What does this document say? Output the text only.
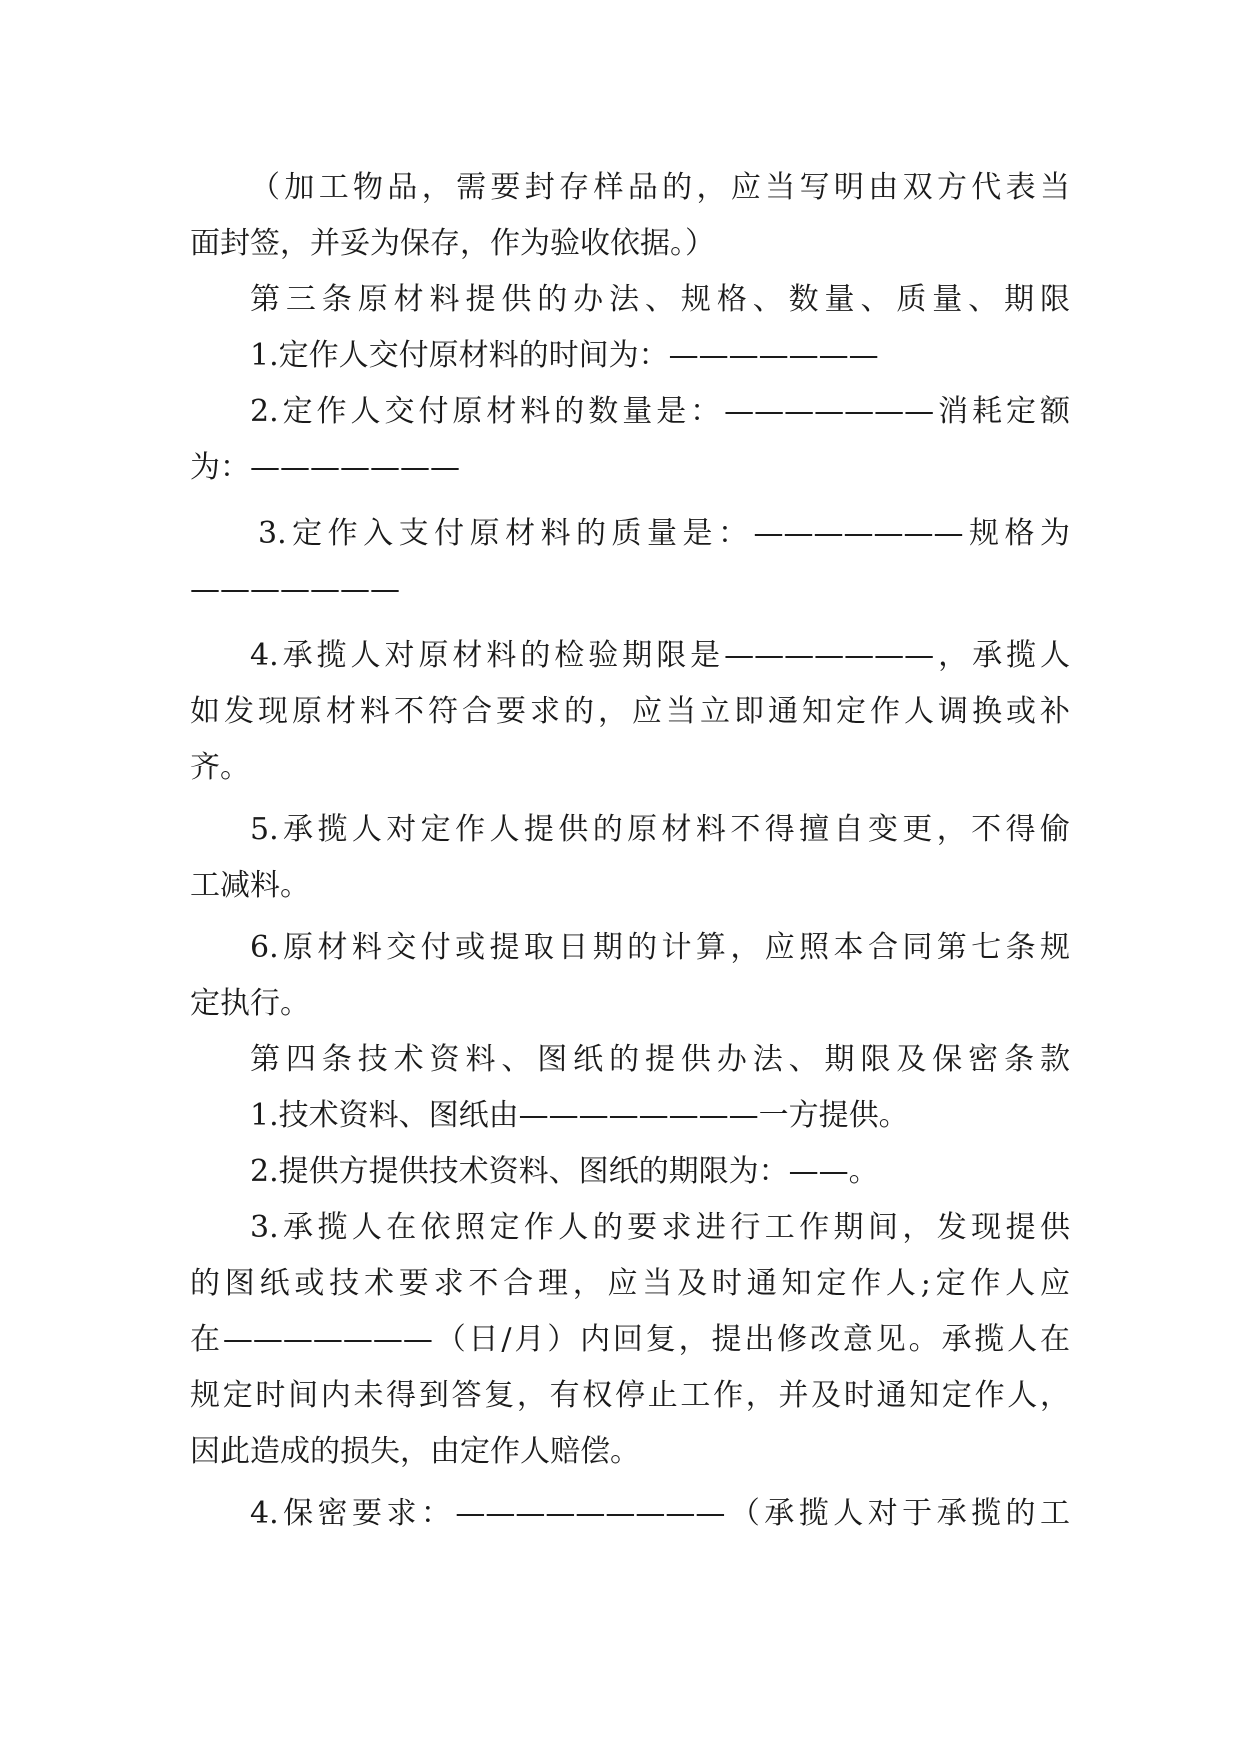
（加工物品，需要封存样品的，应当写明由双方代表当
面封签，并妥为保存，作为验收依据。）
第三条原材料提供的办法、规格、数量、质量、期限
1.定作人交付原材料的时间为：———————
2.定作人交付原材料的数量是：———————消耗定额
为：———————
3.定作入支付原材料的质量是：———————规格为
———————
4.承揽人对原材料的检验期限是———————，承揽人
如发现原材料不符合要求的，应当立即通知定作人调换或补
齐。
5.承揽人对定作人提供的原材料不得擅自变更，不得偷
工减料。
6.原材料交付或提取日期的计算，应照本合同第七条规
定执行。
第四条技术资料、图纸的提供办法、期限及保密条款
1.技术资料、图纸由————————一方提供。
2.提供方提供技术资料、图纸的期限为：——。
3.承揽人在依照定作人的要求进行工作期间，发现提供
的图纸或技术要求不合理，应当及时通知定作人;定作人应
在———————（日/月）内回复，提出修改意见。承揽人在
规定时间内未得到答复，有权停止工作，并及时通知定作人，
因此造成的损失，由定作人赔偿。
4.保密要求：—————————（承揽人对于承揽的工
